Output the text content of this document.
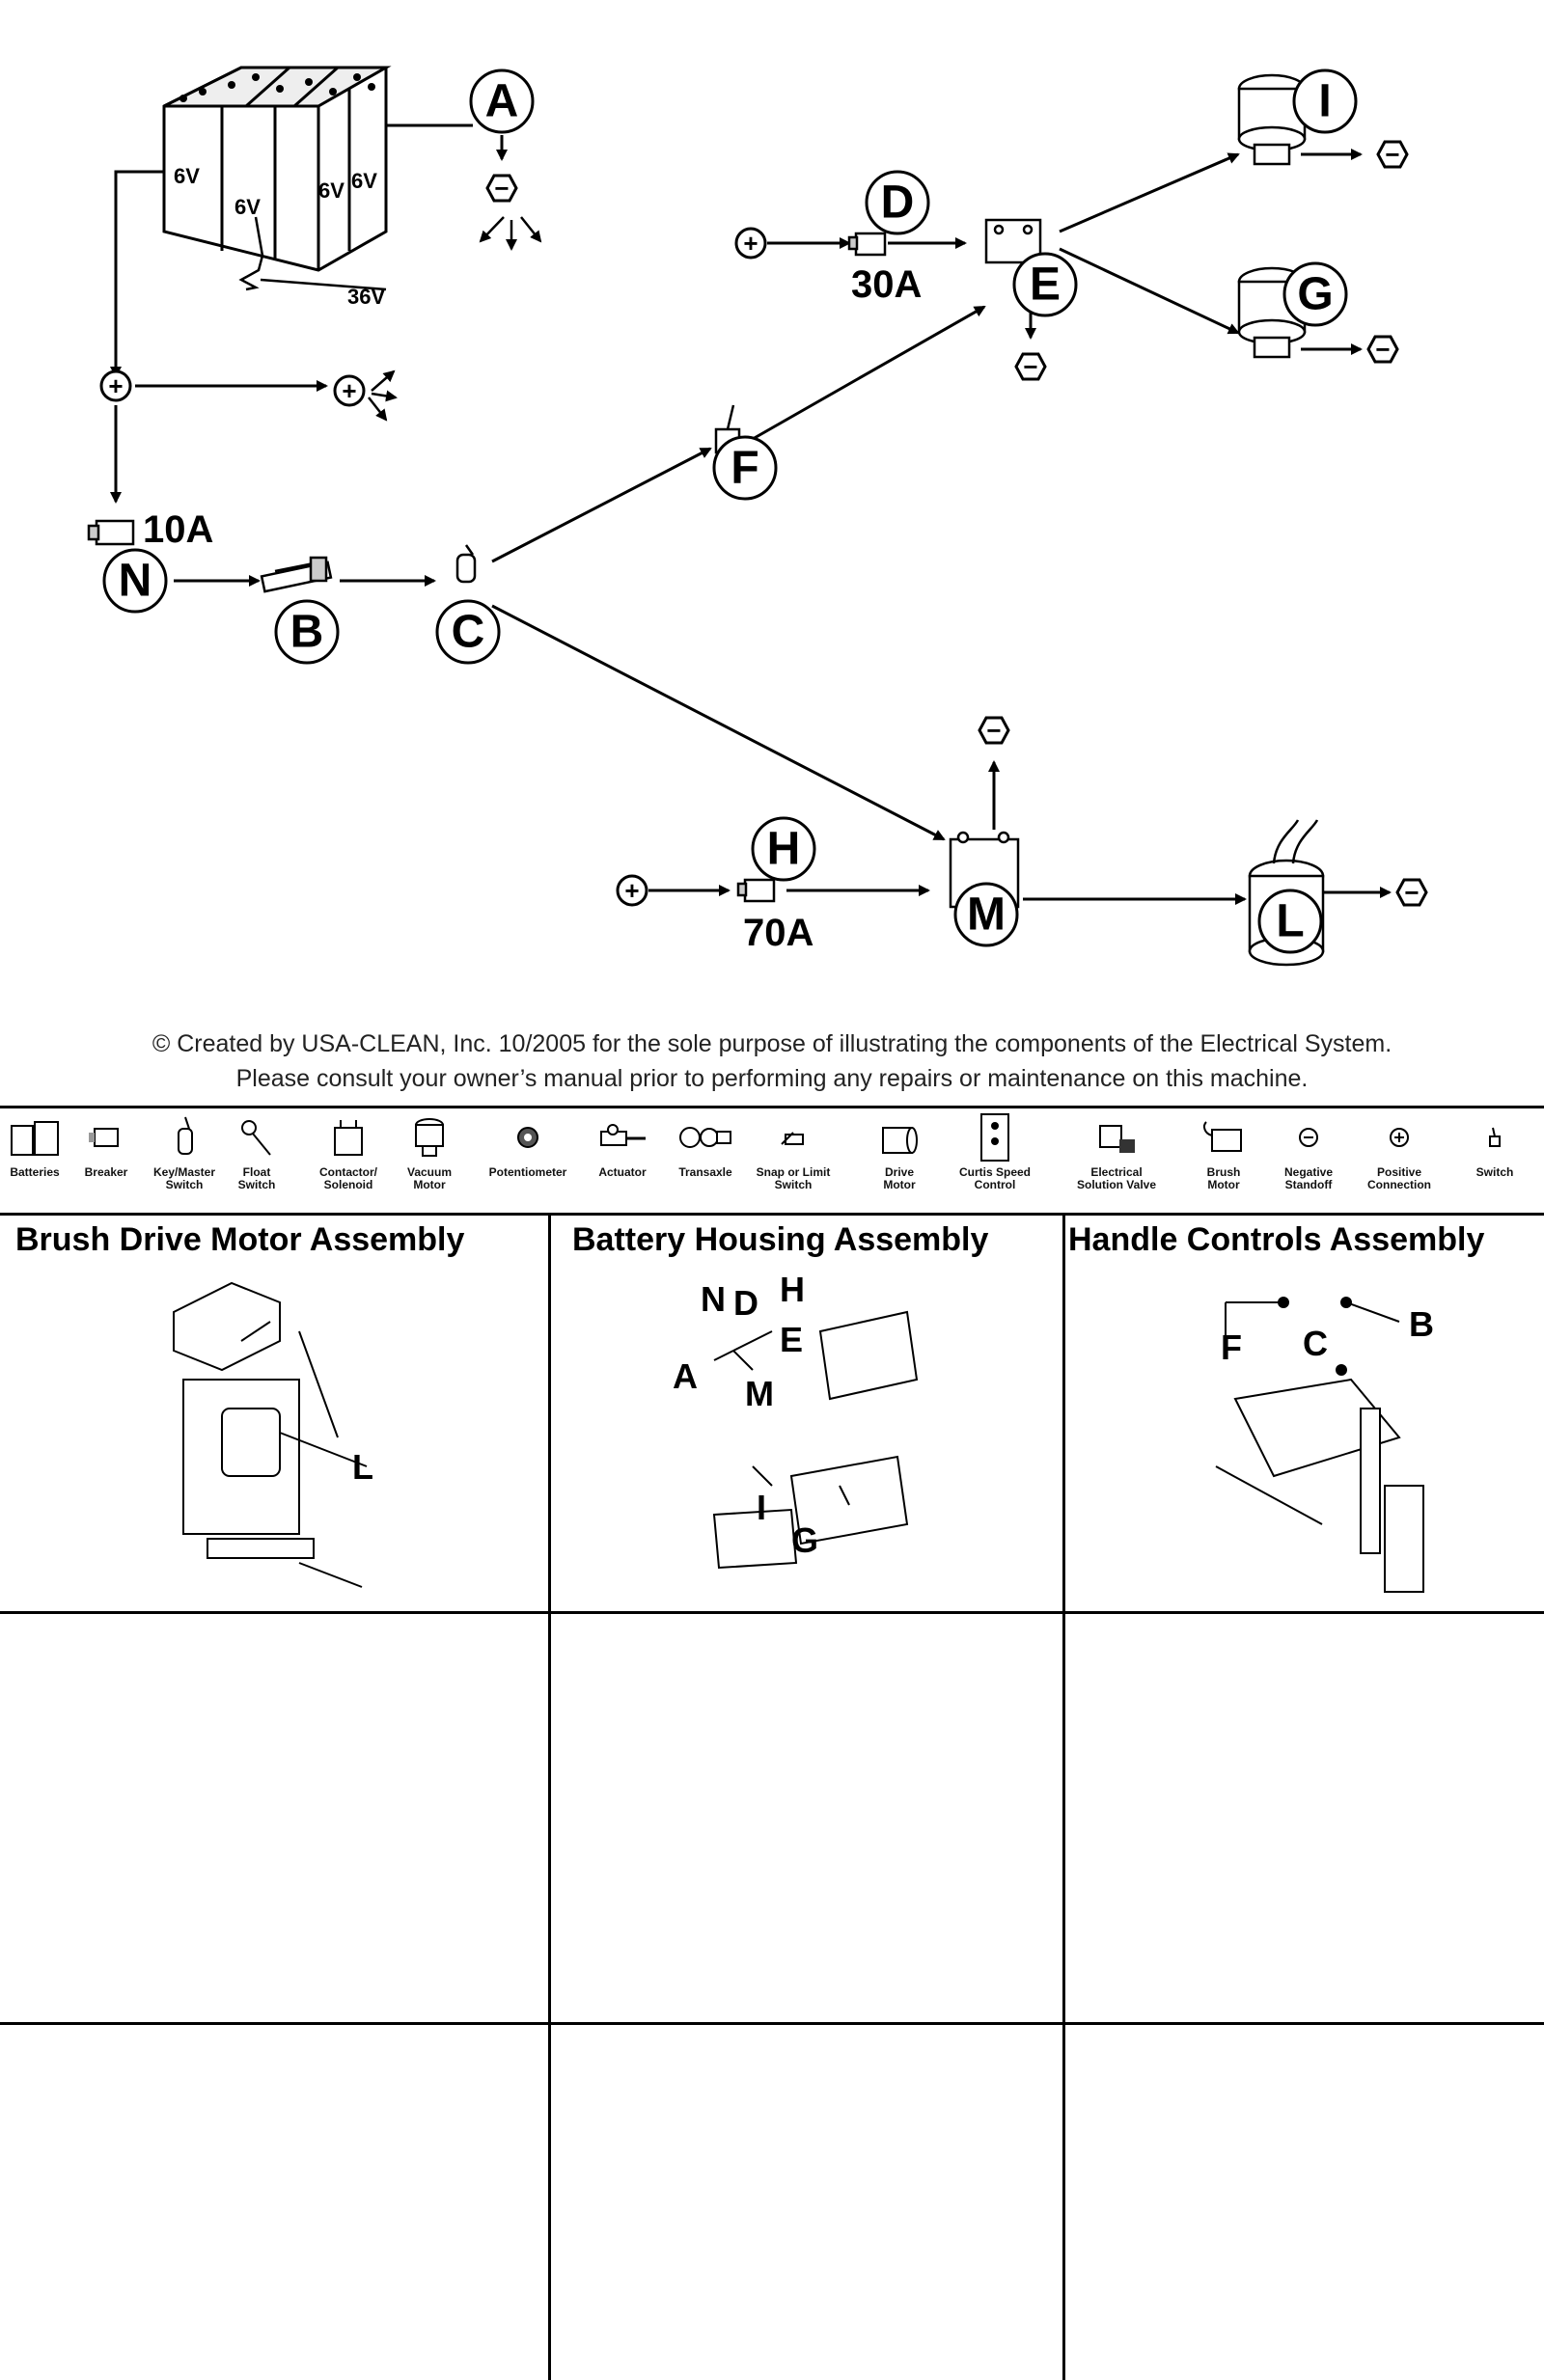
6V
6V
6V 6V
36V
−
+	+
+
+
−
−
−
−
−
A
B	C
D
E
F
G
H
I
L
M
N
10A
30A
70A
© Created by USA-CLEAN, Inc. 10/2005 for the sole purpose of illustrating the components of the Electrical System.
Please consult your owner’s manual prior to performing any repairs or maintenance on this machine.
Batteries	Breaker	Key/Master
Switch
Float
Switch
Contactor/
Solenoid
Vacuum
Motor
Potentiometer	Actuator	Transaxle	Snap or Limit
Switch
Drive
Motor
Curtis Speed
Control
Electrical
Solution Valve
Brush
Motor
Negative
Standoff
Positive
Connection
Switch
Brush Drive Motor Assembly	Battery Housing Assembly Handle Controls Assembly
L
N D H
E
A M
I
G
F C B
